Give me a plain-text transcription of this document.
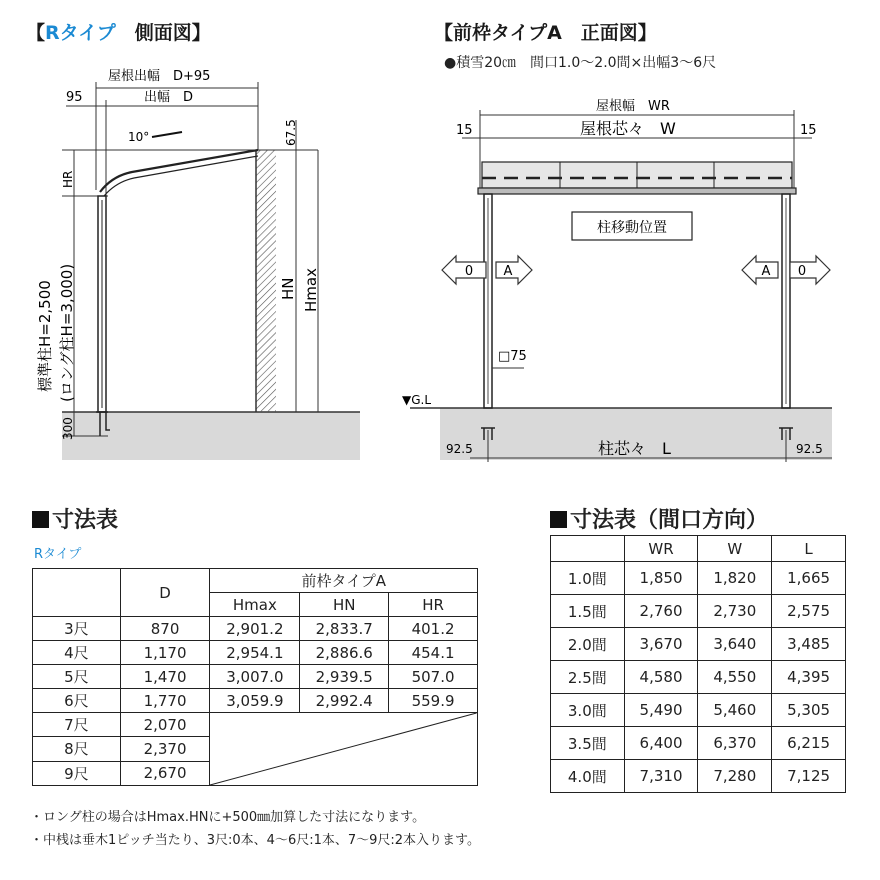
【Rタイプ　 側面図】	【前枠タイプA　正面図】
●積雪20㎝　間口1.0〜2.0間×出幅3〜6尺
屋根出幅　D+95
95	出幅　D
10°	67.5
HR
HN Hmax
標準柱H=2,500 (ロング柱H=3,000)
300
屋根幅　WR
屋根芯々　W
15	15
柱移動位置
0 A	A 0
□75
▼G.L
92.5	92.5
柱芯々　L
寸法表
Rタイプ
	D	前枠タイプA		
		Hmax	HN	HR
3尺	870	2,901.2	2,833.7	401.2
4尺	1,170	2,954.1	2,886.6	454.1
5尺	1,470	3,007.0	2,939.5	507.0
6尺	1,770	3,059.9	2,992.4	559.9
7尺	2,070	

8尺	2,370			
9尺	2,670			
寸法表（間口方向）
	WR	W	L
1.0間	1,850	1,820	1,665
1.5間	2,760	2,730	2,575
2.0間	3,670	3,640	3,485
2.5間	4,580	4,550	4,395
3.0間	5,490	5,460	5,305
3.5間	6,400	6,370	6,215
4.0間	7,310	7,280	7,125
・ロング柱の場合はHmax.HNに+500㎜加算した寸法になります。
・中桟は垂木1ピッチ当たり、3尺:0本、4〜6尺:1本、7〜9尺:2本入ります。
